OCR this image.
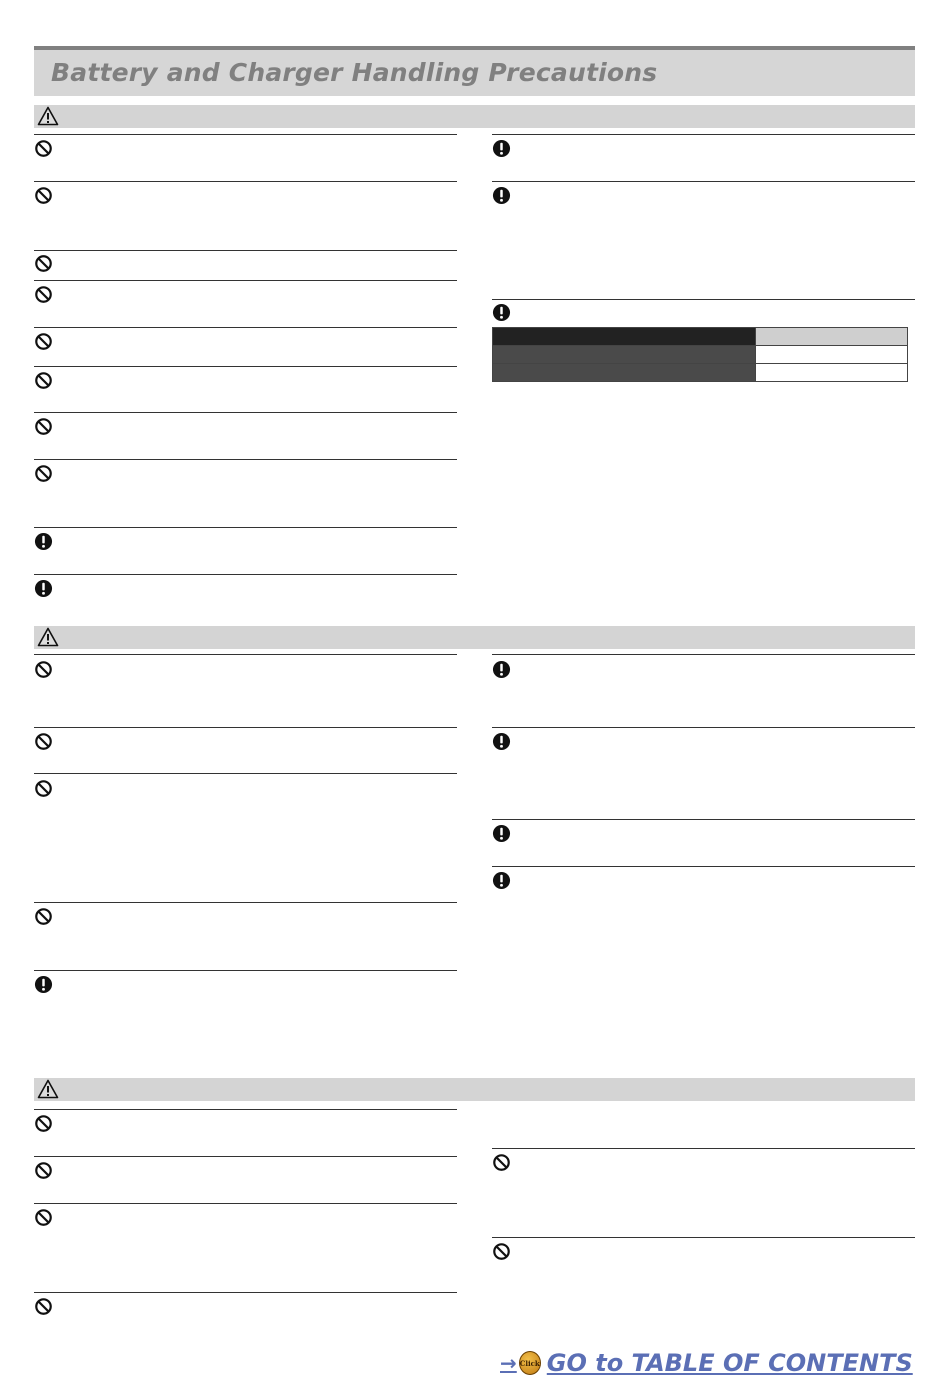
Battery and Charger Handling Precautions

→ Click GO to TABLE OF CONTENTS
